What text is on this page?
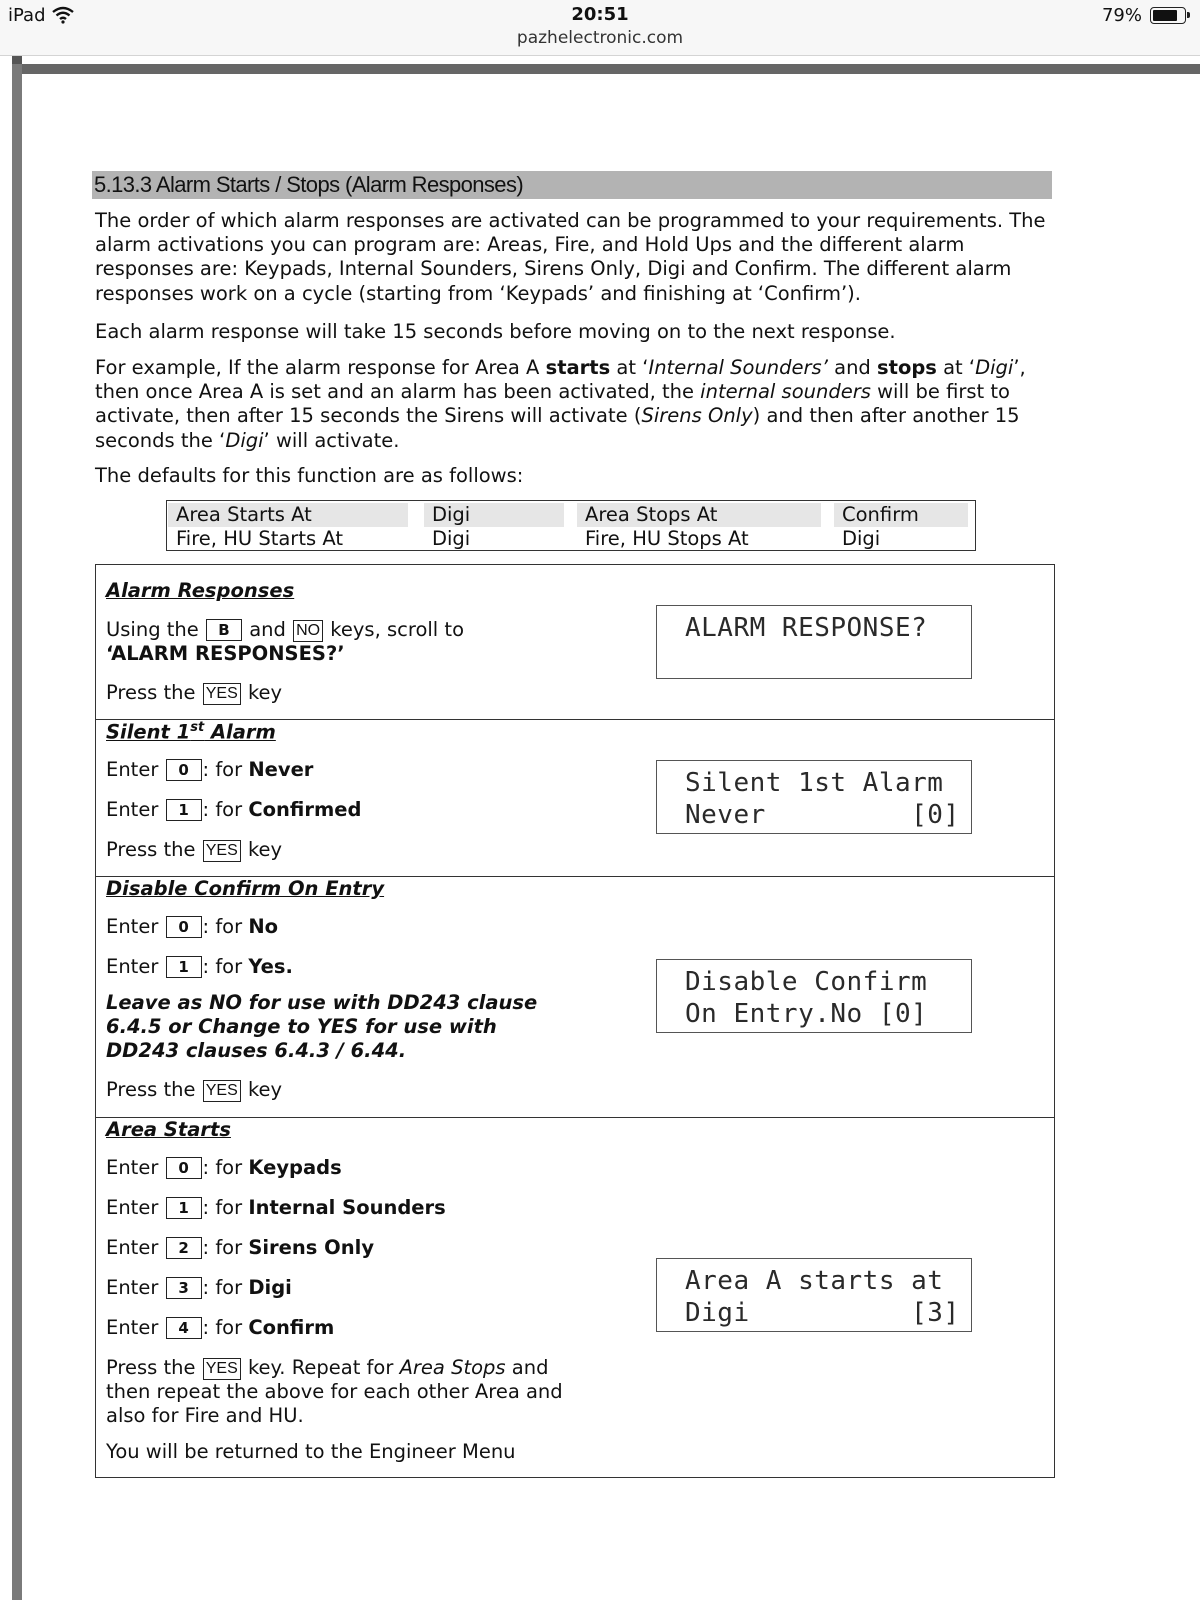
iPad	20:51
pazhelectronic.com
79%
5.13.3 Alarm Starts / Stops (Alarm Responses)

The order of which alarm responses are activated can be programmed to your requirements. The alarm activations you can program are: Areas, Fire, and Hold Ups and the different alarm responses are: Keypads, Internal Sounders, Sirens Only, Digi and Confirm. The different alarm responses work on a cycle (starting from ‘Keypads’ and finishing at ‘Confirm’).

Each alarm response will take 15 seconds before moving on to the next response.

For example, If the alarm response for Area A starts at ‘Internal Sounders’ and stops at ‘Digi’, then once Area A is set and an alarm has been activated, the internal sounders will be first to activate, then after 15 seconds the Sirens will activate (Sirens Only) and then after another 15 seconds the ‘Digi’ will activate.

The defaults for this function are as follows:

Area Starts At	Digi	Area Stops At	Confirm
Fire, HU Starts At	Digi	Fire, HU Stops At	Digi
Alarm Responses
Using the B and NO keys, scroll to
‘ALARM RESPONSES?’
Press the YES key
ALARM RESPONSE?
Silent 1st Alarm
Enter 0 : for Never
Enter 1 : for Confirmed
Press the YES key
Silent 1st Alarm
Never         [0]
Disable Confirm On Entry
Enter 0 : for No
Enter 1 : for Yes.
Leave as NO for use with DD243 clause 6.4.5 or Change to YES for use with DD243 clauses 6.4.3 / 6.44.
Press the YES key
Disable Confirm
On Entry.No [0]
Area Starts
Enter 0 : for Keypads
Enter 1 : for Internal Sounders
Enter 2 : for Sirens Only
Enter 3 : for Digi
Enter 4 : for Confirm
Press the YES key. Repeat for Area Stops and then repeat the above for each other Area and also for Fire and HU.
You will be returned to the Engineer Menu
Area A starts at
Digi          [3]
